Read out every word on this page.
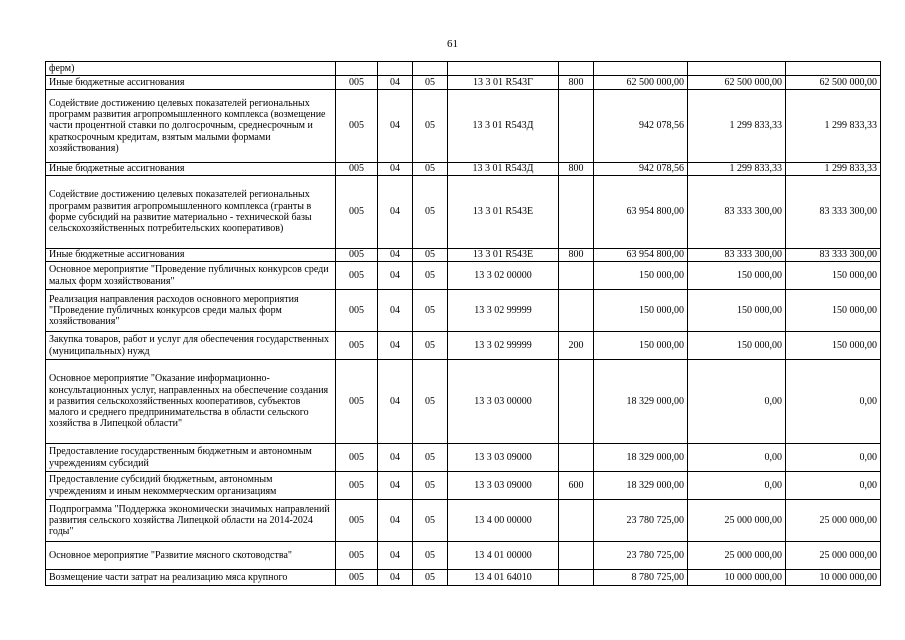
61
ферм)								
Иные бюджетные ассигнования	005	04	05	13 3 01 R543Г	800	62 500 000,00	62 500 000,00	62 500 000,00
Содействие достижению целевых показателей региональных программ развития агропромышленного комплекса (возмещение части процентной ставки по долгосрочным, среднесрочным и краткосрочным кредитам, взятым малыми формами хозяйствования)	005	04	05	13 3 01 R543Д		942 078,56	1 299 833,33	1 299 833,33
Иные бюджетные ассигнования	005	04	05	13 3 01 R543Д	800	942 078,56	1 299 833,33	1 299 833,33
Содействие достижению целевых показателей региональных программ развития агропромышленного комплекса (гранты в форме субсидий на развитие материально - технической базы сельскохозяйственных потребительских кооперативов)	005	04	05	13 3 01 R543Е		63 954 800,00	83 333 300,00	83 333 300,00
Иные бюджетные ассигнования	005	04	05	13 3 01 R543Е	800	63 954 800,00	83 333 300,00	83 333 300,00
Основное мероприятие "Проведение публичных конкурсов среди малых форм хозяйствования"	005	04	05	13 3 02 00000		150 000,00	150 000,00	150 000,00
Реализация направления расходов основного мероприятия "Проведение публичных конкурсов среди малых форм хозяйствования"	005	04	05	13 3 02 99999		150 000,00	150 000,00	150 000,00
Закупка товаров, работ и услуг для обеспечения государственных (муниципальных) нужд	005	04	05	13 3 02 99999	200	150 000,00	150 000,00	150 000,00
Основное мероприятие "Оказание информационно-консультационных услуг, направленных на обеспечение создания и развития сельскохозяйственных кооперативов, субъектов малого и среднего предпринимательства в области сельского хозяйства в Липецкой области"	005	04	05	13 3 03 00000		18 329 000,00	0,00	0,00
Предоставление государственным бюджетным и автономным учреждениям субсидий	005	04	05	13 3 03 09000		18 329 000,00	0,00	0,00
Предоставление субсидий бюджетным, автономным учреждениям и иным некоммерческим организациям	005	04	05	13 3 03 09000	600	18 329 000,00	0,00	0,00
Подпрограмма "Поддержка экономически значимых направлений развития сельского хозяйства Липецкой области на 2014-2024 годы"	005	04	05	13 4 00 00000		23 780 725,00	25 000 000,00	25 000 000,00
Основное мероприятие "Развитие мясного скотоводства"	005	04	05	13 4 01 00000		23 780 725,00	25 000 000,00	25 000 000,00
Возмещение части затрат на реализацию мяса крупного	005	04	05	13 4 01 64010		8 780 725,00	10 000 000,00	10 000 000,00
